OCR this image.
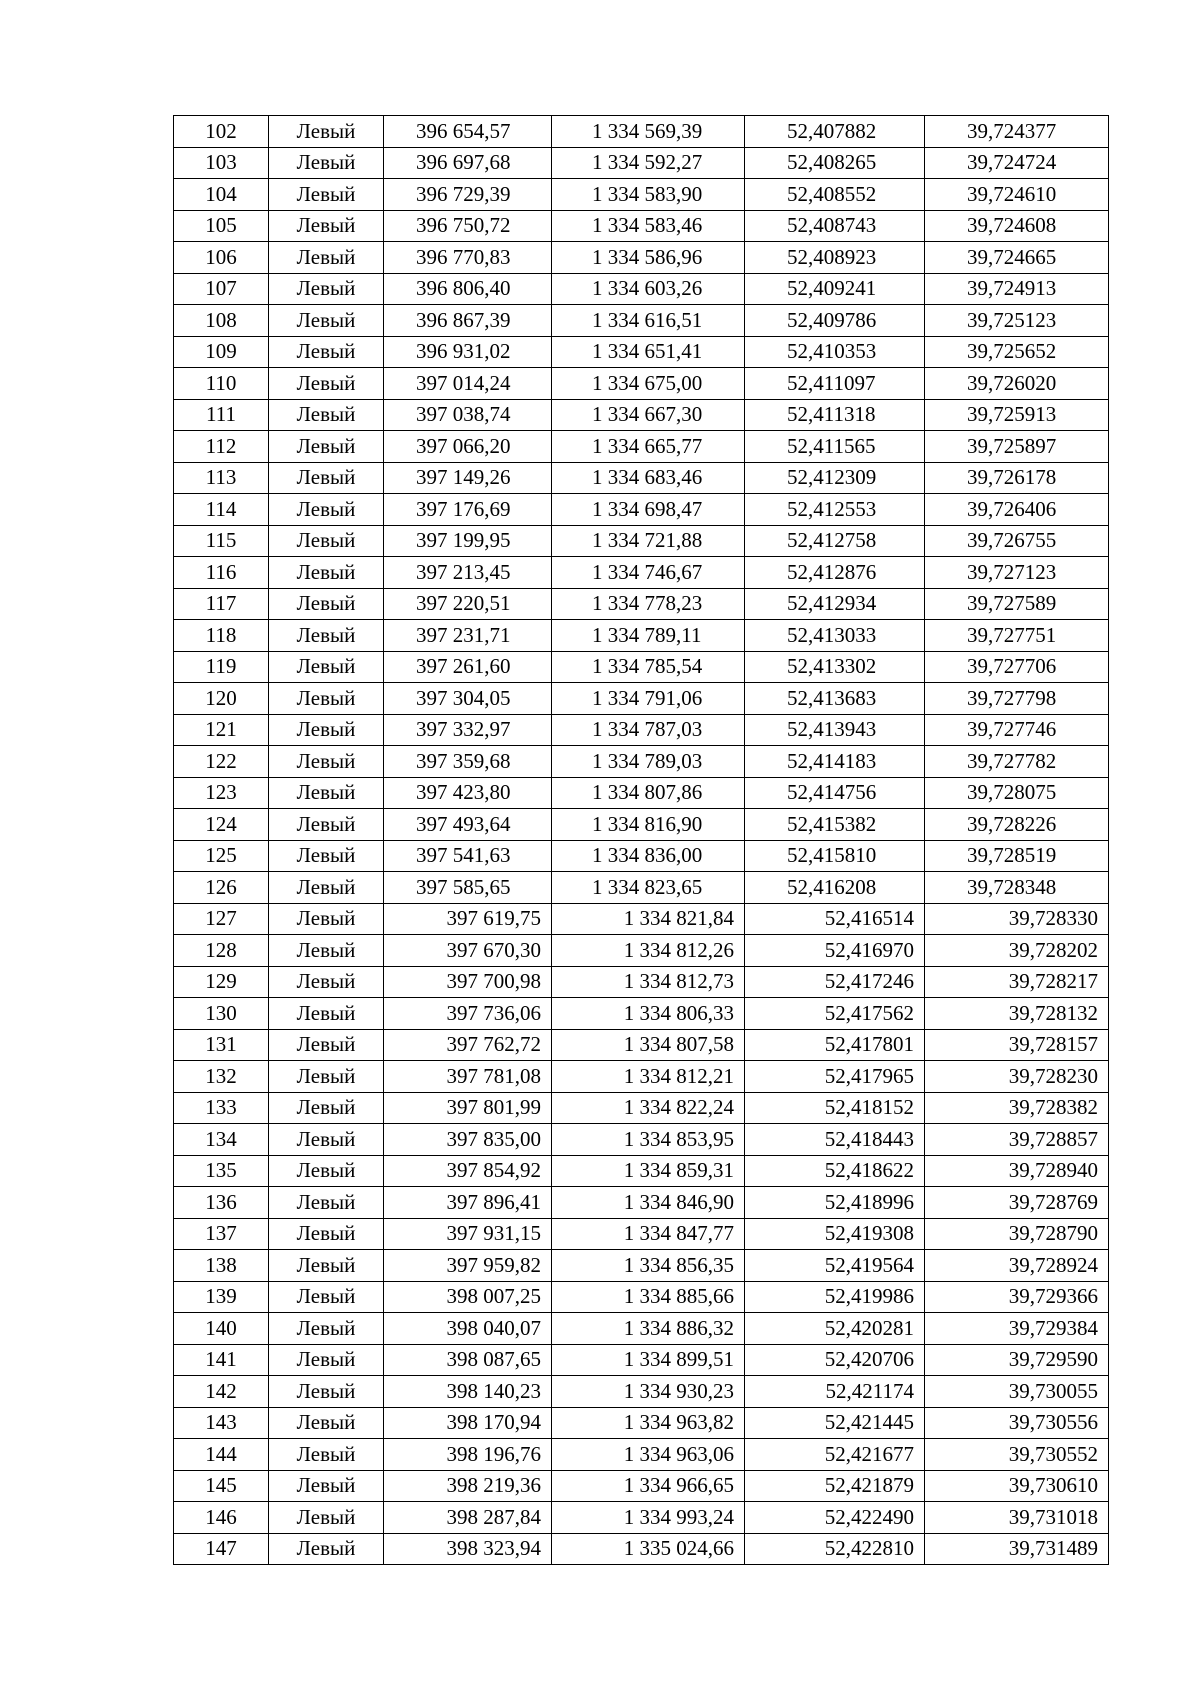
102	Левый	396 654,57	1 334 569,39	52,407882	39,724377
103	Левый	396 697,68	1 334 592,27	52,408265	39,724724
104	Левый	396 729,39	1 334 583,90	52,408552	39,724610
105	Левый	396 750,72	1 334 583,46	52,408743	39,724608
106	Левый	396 770,83	1 334 586,96	52,408923	39,724665
107	Левый	396 806,40	1 334 603,26	52,409241	39,724913
108	Левый	396 867,39	1 334 616,51	52,409786	39,725123
109	Левый	396 931,02	1 334 651,41	52,410353	39,725652
110	Левый	397 014,24	1 334 675,00	52,411097	39,726020
111	Левый	397 038,74	1 334 667,30	52,411318	39,725913
112	Левый	397 066,20	1 334 665,77	52,411565	39,725897
113	Левый	397 149,26	1 334 683,46	52,412309	39,726178
114	Левый	397 176,69	1 334 698,47	52,412553	39,726406
115	Левый	397 199,95	1 334 721,88	52,412758	39,726755
116	Левый	397 213,45	1 334 746,67	52,412876	39,727123
117	Левый	397 220,51	1 334 778,23	52,412934	39,727589
118	Левый	397 231,71	1 334 789,11	52,413033	39,727751
119	Левый	397 261,60	1 334 785,54	52,413302	39,727706
120	Левый	397 304,05	1 334 791,06	52,413683	39,727798
121	Левый	397 332,97	1 334 787,03	52,413943	39,727746
122	Левый	397 359,68	1 334 789,03	52,414183	39,727782
123	Левый	397 423,80	1 334 807,86	52,414756	39,728075
124	Левый	397 493,64	1 334 816,90	52,415382	39,728226
125	Левый	397 541,63	1 334 836,00	52,415810	39,728519
126	Левый	397 585,65	1 334 823,65	52,416208	39,728348
127	Левый	397 619,75	1 334 821,84	52,416514	39,728330
128	Левый	397 670,30	1 334 812,26	52,416970	39,728202
129	Левый	397 700,98	1 334 812,73	52,417246	39,728217
130	Левый	397 736,06	1 334 806,33	52,417562	39,728132
131	Левый	397 762,72	1 334 807,58	52,417801	39,728157
132	Левый	397 781,08	1 334 812,21	52,417965	39,728230
133	Левый	397 801,99	1 334 822,24	52,418152	39,728382
134	Левый	397 835,00	1 334 853,95	52,418443	39,728857
135	Левый	397 854,92	1 334 859,31	52,418622	39,728940
136	Левый	397 896,41	1 334 846,90	52,418996	39,728769
137	Левый	397 931,15	1 334 847,77	52,419308	39,728790
138	Левый	397 959,82	1 334 856,35	52,419564	39,728924
139	Левый	398 007,25	1 334 885,66	52,419986	39,729366
140	Левый	398 040,07	1 334 886,32	52,420281	39,729384
141	Левый	398 087,65	1 334 899,51	52,420706	39,729590
142	Левый	398 140,23	1 334 930,23	52,421174	39,730055
143	Левый	398 170,94	1 334 963,82	52,421445	39,730556
144	Левый	398 196,76	1 334 963,06	52,421677	39,730552
145	Левый	398 219,36	1 334 966,65	52,421879	39,730610
146	Левый	398 287,84	1 334 993,24	52,422490	39,731018
147	Левый	398 323,94	1 335 024,66	52,422810	39,731489
